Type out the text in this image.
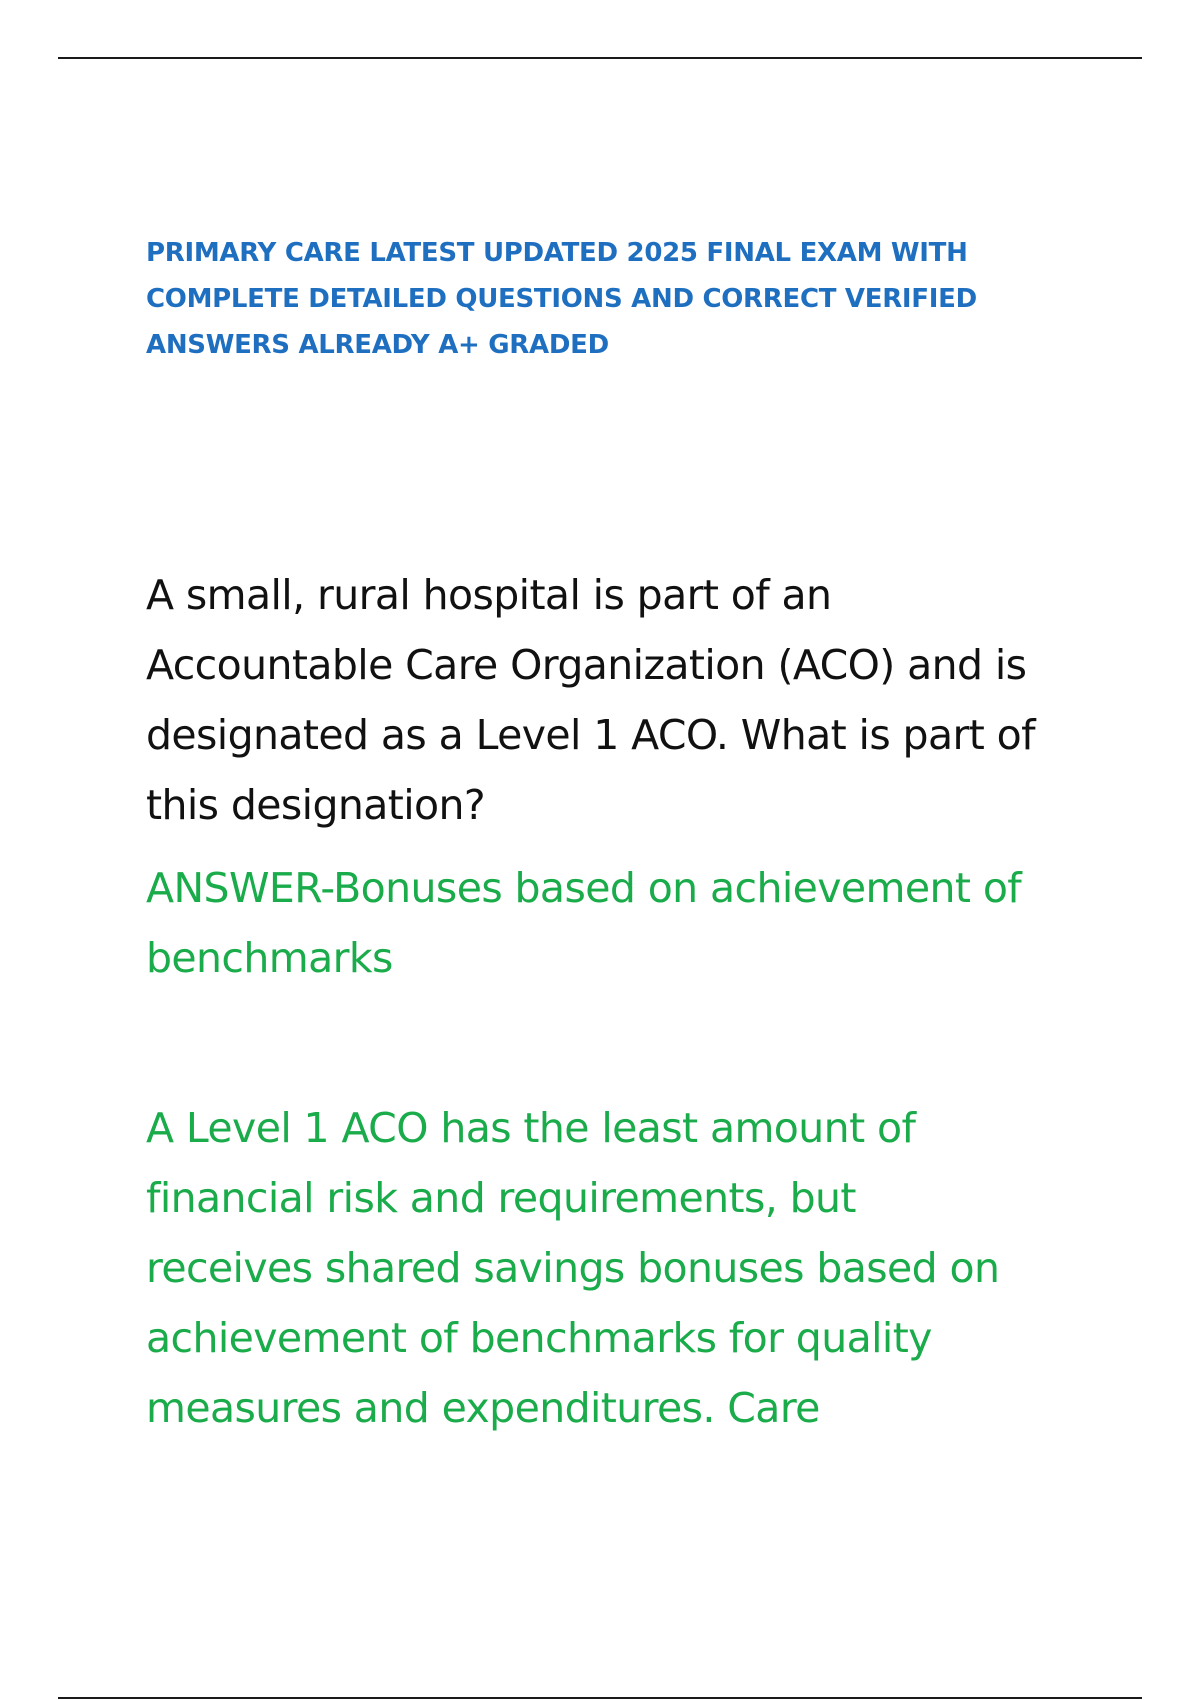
PRIMARY CARE LATEST UPDATED 2025 FINAL EXAM WITH
COMPLETE DETAILED QUESTIONS AND CORRECT VERIFIED
ANSWERS ALREADY A+ GRADED

A small, rural hospital is part of an
Accountable Care Organization (ACO) and is
designated as a Level 1 ACO. What is part of
this designation?

ANSWER-Bonuses based on achievement of
benchmarks

A Level 1 ACO has the least amount of
financial risk and requirements, but
receives shared savings bonuses based on
achievement of benchmarks for quality
measures and expenditures. Care
